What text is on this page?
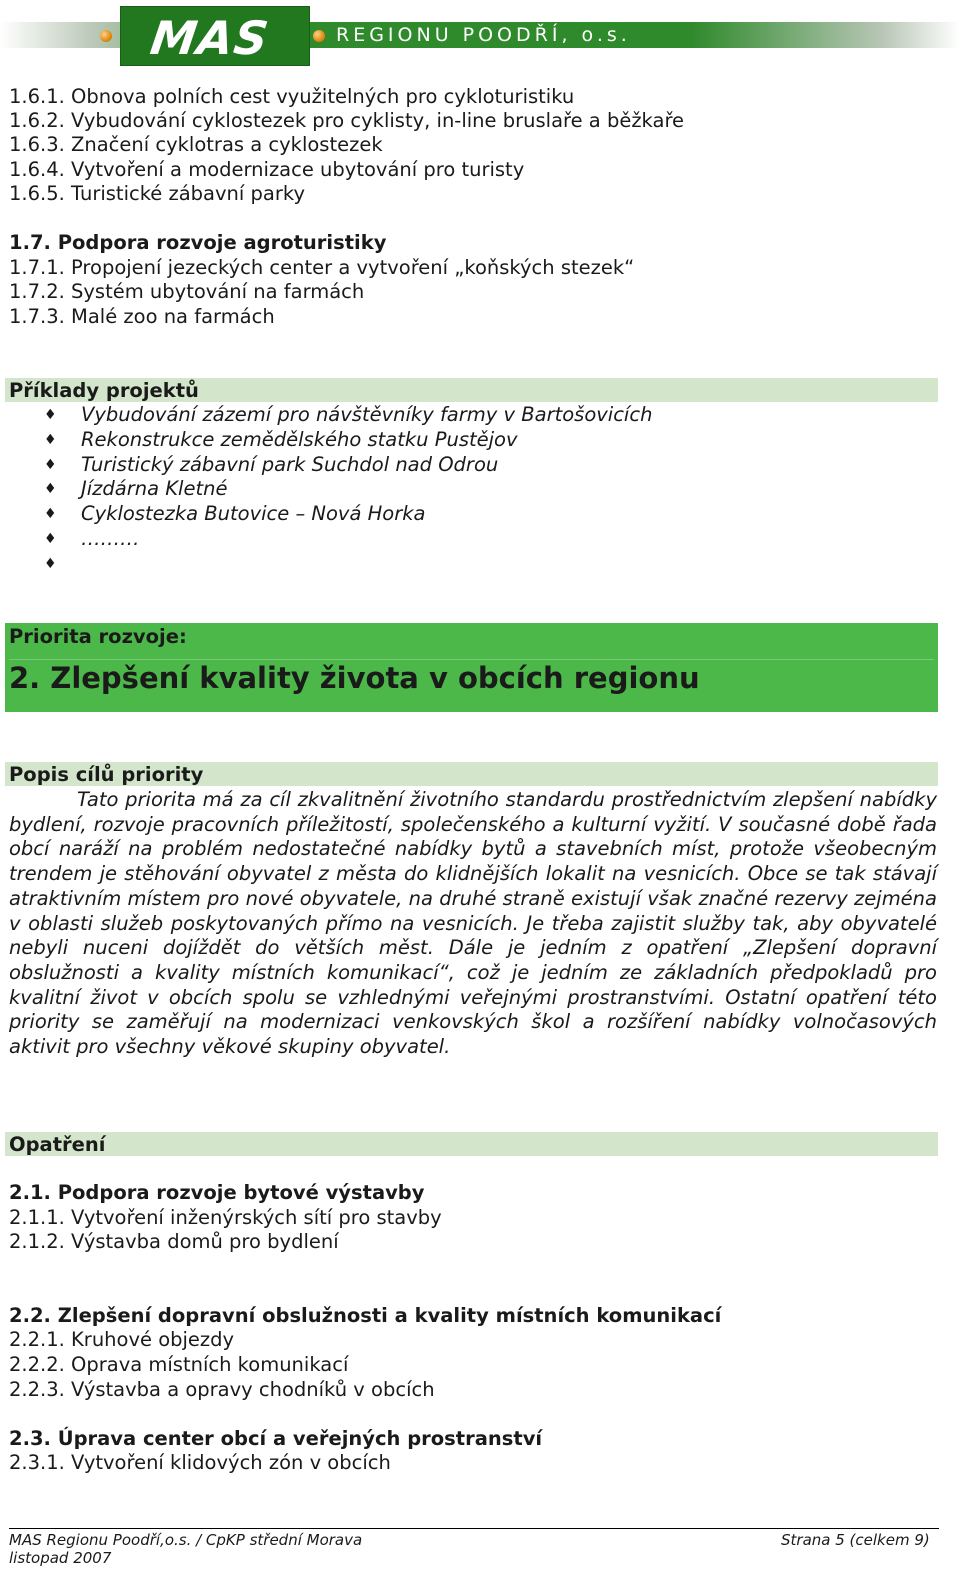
MAS	REGIONU POODŘÍ, o.s.
1.6.1. Obnova polních cest využitelných pro cykloturistiku
1.6.2. Vybudování cyklostezek pro cyklisty, in-line bruslaře a běžkaře
1.6.3. Značení cyklotras a cyklostezek
1.6.4. Vytvoření a modernizace ubytování pro turisty
1.6.5. Turistické zábavní parky
1.7. Podpora rozvoje agroturistiky
1.7.1. Propojení jezeckých center a vytvoření „koňských stezek“
1.7.2. Systém ubytování na farmách
1.7.3. Malé zoo na farmách
Příklady projektů
♦ Vybudování zázemí pro návštěvníky farmy v Bartošovicích
♦ Rekonstrukce zemědělského statku Pustějov
♦ Turistický zábavní park Suchdol nad Odrou
♦ Jízdárna Kletné
♦ Cyklostezka Butovice – Nová Horka
♦ ………
♦
Priorita rozvoje:
2. Zlepšení kvality života v obcích regionu
Popis cílů priority

Tato priorita má za cíl zkvalitnění životního standardu prostřednictvím zlepšení nabídky bydlení, rozvoje pracovních příležitostí, společenského a kulturní vyžití. V současné době řada obcí naráží na problém nedostatečné nabídky bytů a stavebních míst, protože všeobecným trendem je stěhování obyvatel z města do klidnějších lokalit na vesnicích. Obce se tak stávají atraktivním místem pro nové obyvatele, na druhé straně existují však značné rezervy zejména v oblasti služeb poskytovaných přímo na vesnicích. Je třeba zajistit služby tak, aby obyvatelé nebyli nuceni dojíždět do větších měst. Dále je jedním z opatření „Zlepšení dopravní obslužnosti a kvality místních komunikací“, což je jedním ze základních předpokladů pro kvalitní život v obcích spolu se vzhlednými veřejnými prostranstvími. Ostatní opatření této priority se zaměřují na modernizaci venkovských škol a rozšíření nabídky volnočasových aktivit pro všechny věkové skupiny obyvatel.

Opatření
2.1. Podpora rozvoje bytové výstavby
2.1.1. Vytvoření inženýrských sítí pro stavby
2.1.2. Výstavba domů pro bydlení
2.2. Zlepšení dopravní obslužnosti a kvality místních komunikací
2.2.1. Kruhové objezdy
2.2.2. Oprava místních komunikací
2.2.3. Výstavba a opravy chodníků v obcích
2.3. Úprava center obcí a veřejných prostranství
2.3.1. Vytvoření klidových zón v obcích
MAS Regionu Poodří,o.s. / CpKP střední Morava
listopad 2007
Strana 5 (celkem 9)
